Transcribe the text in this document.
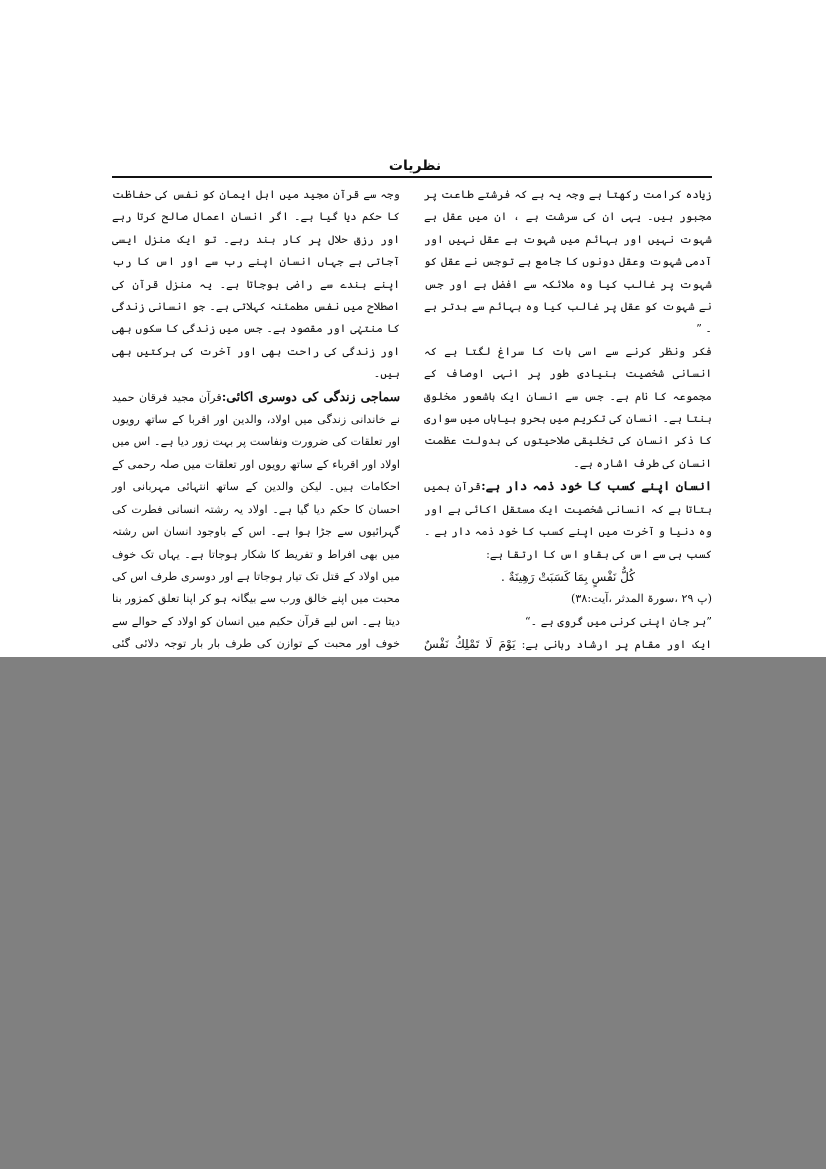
نظریات

زیادہ کرامت رکھتا ہے وجہ یہ ہے کہ فرشتے طاعت پر مجبور ہیں۔ یہی ان کی سرشت ہے ، ان میں عقل ہے شہوت نہیں اور بہائم میں شہوت ہے عقل نہیں اور آدمی شہوت وعقل دونوں کا جامع ہے توجس نے عقل کو شہوت پر غالب کیا وہ ملائکہ سے افضل ہے اور جس نے شہوت کو عقل پر غالب کیا وہ بہائم سے بدتر ہے ۔ ”

فکر ونظر کرنے سے اسی بات کا سراغ لگتا ہے کہ انسانی شخصیت بنیادی طور پر انہی اوصاف کے مجموعہ کا نام ہے۔ جس سے انسان ایک باشعور مخلوق بنتا ہے۔ انسان کی تکریم میں بحرو بیاباں میں سواری کا ذکر انسان کی تخلیقی صلاحیتوں کی بدولت عظمت انسان کی طرف اشارہ ہے۔

انسان اپنے کسب کا خود ذمہ دار ہے:قرآن ہمیں بتاتا ہے کہ انسانی شخصیت ایک مستقل اکائی ہے اور وہ دنیا و آخرت میں اپنے کسب کا خود ذمہ دار ہے ۔کسب ہی سے اس کی بقاو اس کا ارتقا ہے:

كُلُّ نَفْسٍ بِمَا كَسَبَتْ رَهِينَةٌ .

(پ ۲۹ ،سورۃ المدثر ،آیت:۳۸)

”ہر جان اپنی کرنی میں گروی ہے ۔“

ایک اور مقام پر ارشاد ربانی ہے: يَوْمَ لَا تَمْلِكُ نَفْسٌ

وجہ سے قرآن مجید میں اہل ایمان کو نفس کی حفاظت کا حکم دیا گیا ہے۔ اگر انسان اعمال صالح کرتا رہے اور رزق حلال پر کار بند رہے۔ تو ایک منزل ایسی آجاتی ہے جہاں انسان اپنے رب سے اور اس کا رب اپنے بندے سے راضی ہوجاتا ہے۔ یہ منزل قرآن کی اصطلاح میں نفس مطمئنہ کہلاتی ہے۔ جو انسانی زندگی کا منتہٰی اور مقصود ہے۔ جس میں زندگی کا سکوں بھی اور زندگی کی راحت بھی اور آخرت کی برکتیں بھی ہیں۔

سماجی زندگی کی دوسری اکائی:قرآن مجید فرقان حمید نے خاندانی زندگی میں اولاد، والدین اور اقربا کے ساتھ رویوں اور تعلقات کی ضرورت ونفاست پر بہت زور دیا ہے۔ اس میں اولاد اور اقرباء کے ساتھ رویوں اور تعلقات میں صلہ رحمی کے احکامات ہیں۔ لیکن والدین کے ساتھ انتہائی مہربانی اور احسان کا حکم دیا گیا ہے۔ اولاد یہ رشتہ انسانی فطرت کی گہرائیوں سے جڑا ہوا ہے۔ اس کے باوجود انسان اس رشتہ میں بھی افراط و تفریط کا شکار ہوجاتا ہے۔ یہاں تک خوف میں اولاد کے قتل تک تیار ہوجاتا ہے اور دوسری طرف اس کی محبت میں اپنے خالق ورب سے بیگانہ ہو کر اپنا تعلق کمزور بنا دیتا ہے۔ اس لیے قرآن حکیم میں انسان کو اولاد کے حوالے سے خوف اور محبت کے توازن کی طرف بار بار توجہ دلائی گئی
